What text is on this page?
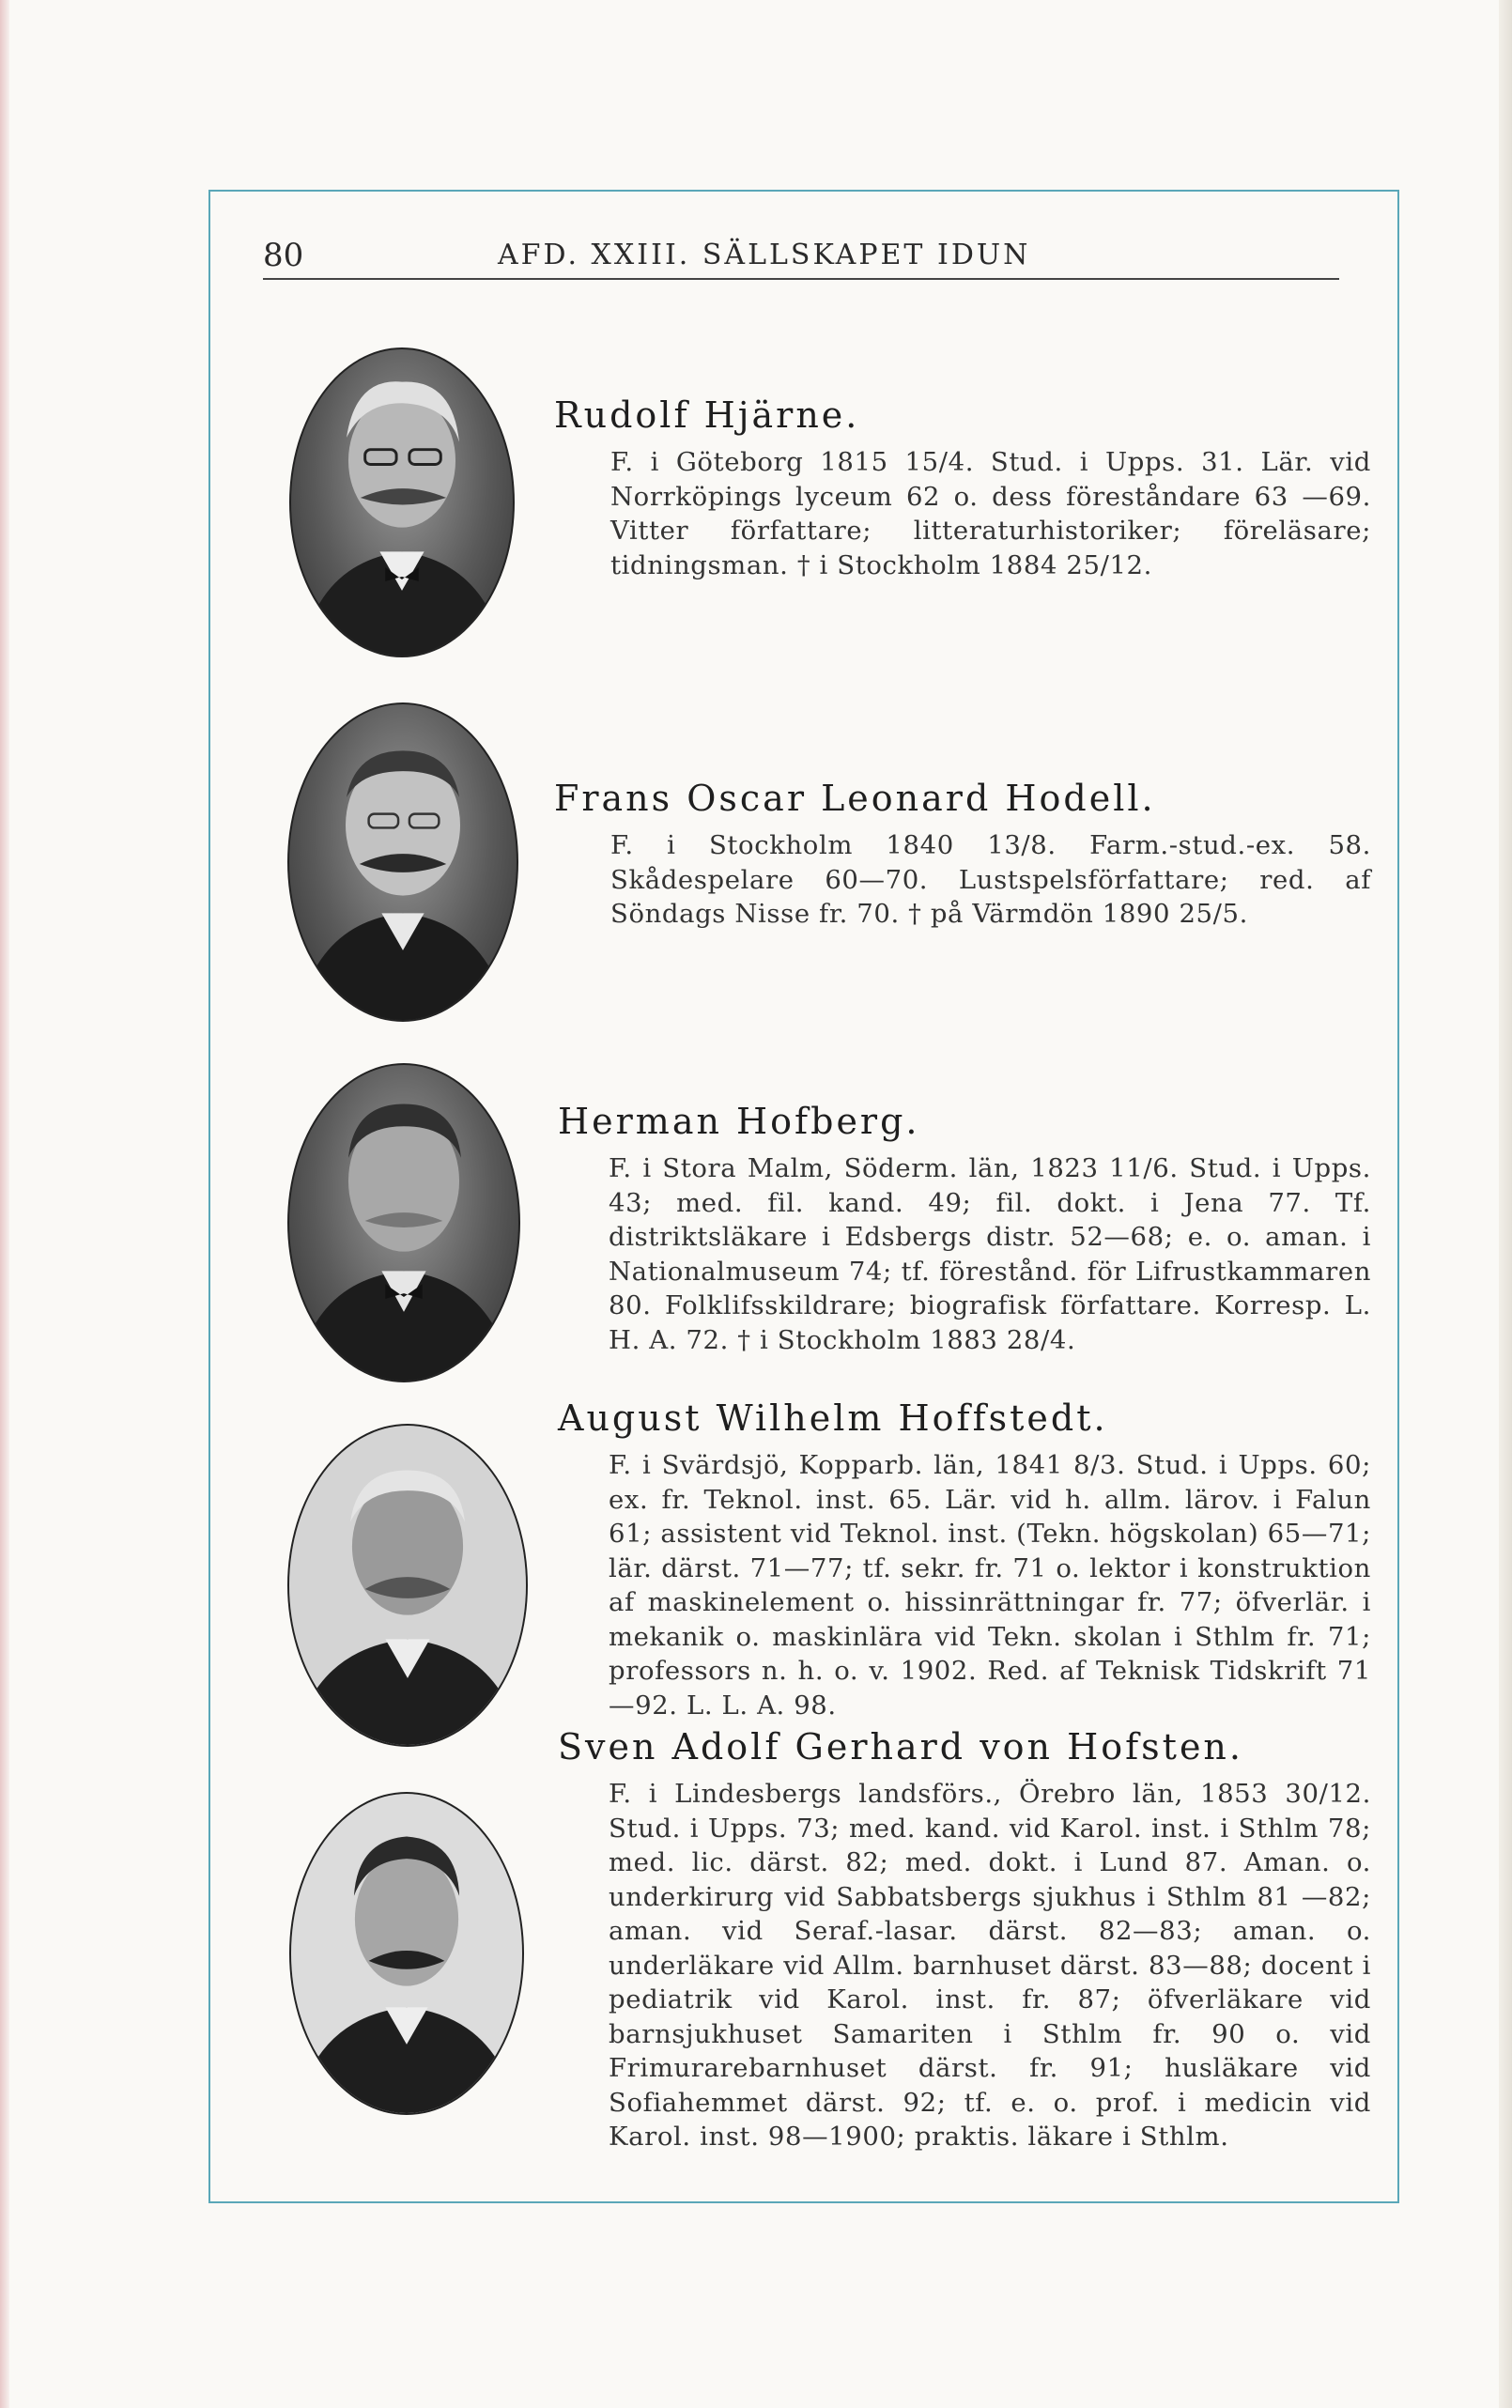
80	AFD. XXIII. SÄLLSKAPET IDUN
Rudolf Hjärne.

F. i Göteborg 1815 15/4. Stud. i Upps. 31. Lär. vid Norrköpings lyceum 62 o. dess föreståndare 63 —69. Vitter författare; litteraturhistoriker; föreläsare; tidningsman. † i Stockholm 1884 25/12.

Frans Oscar Leonard Hodell.

F. i Stockholm 1840 13/8. Farm.-stud.-ex. 58. Skådespelare 60—70. Lustspelsförfattare; red. af Söndags Nisse fr. 70. † på Värmdön 1890 25/5.

Herman Hofberg.

F. i Stora Malm, Söderm. län, 1823 11/6. Stud. i Upps. 43; med. fil. kand. 49; fil. dokt. i Jena 77. Tf. distriktsläkare i Edsbergs distr. 52—68; e. o. aman. i Nationalmuseum 74; tf. förestånd. för Lifrustkammaren 80. Folklifsskildrare; biografisk författare. Korresp. L. H. A. 72. † i Stockholm 1883 28/4.

August Wilhelm Hoffstedt.

F. i Svärdsjö, Kopparb. län, 1841 8/3. Stud. i Upps. 60; ex. fr. Teknol. inst. 65. Lär. vid h. allm. lärov. i Falun 61; assistent vid Teknol. inst. (Tekn. högskolan) 65—71; lär. därst. 71—77; tf. sekr. fr. 71 o. lektor i konstruktion af maskinelement o. hissinrättningar fr. 77; öfverlär. i mekanik o. maskinlära vid Tekn. skolan i Sthlm fr. 71; professors n. h. o. v. 1902. Red. af Teknisk Tidskrift 71—92. L. L. A. 98.

Sven Adolf Gerhard von Hofsten.

F. i Lindesbergs landsförs., Örebro län, 1853 30/12. Stud. i Upps. 73; med. kand. vid Karol. inst. i Sthlm 78; med. lic. därst. 82; med. dokt. i Lund 87. Aman. o. underkirurg vid Sabbatsbergs sjukhus i Sthlm 81 —82; aman. vid Seraf.-lasar. därst. 82—83; aman. o. underläkare vid Allm. barnhuset därst. 83—88; docent i pediatrik vid Karol. inst. fr. 87; öfverläkare vid barnsjukhuset Samariten i Sthlm fr. 90 o. vid Frimurarebarnhuset därst. fr. 91; husläkare vid Sofiahemmet därst. 92; tf. e. o. prof. i medicin vid Karol. inst. 98—1900; praktis. läkare i Sthlm.
